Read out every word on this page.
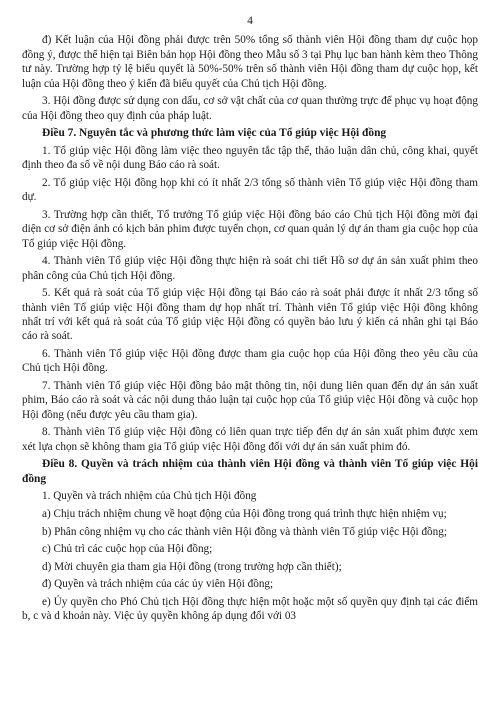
4

đ) Kết luận của Hội đồng phải được trên 50% tổng số thành viên Hội đồng tham dự cuộc họp đồng ý, được thể hiện tại Biên bản họp Hội đồng theo Mẫu số 3 tại Phụ lục ban hành kèm theo Thông tư này. Trường hợp tỷ lệ biểu quyết là 50%-50% trên số thành viên Hội đồng tham dự cuộc họp, kết luận của Hội đồng theo ý kiến đã biểu quyết của Chủ tịch Hội đồng.

3. Hội đồng được sử dụng con dấu, cơ sở vật chất của cơ quan thường trực để phục vụ hoạt động của Hội đồng theo quy định của pháp luật.

Điều 7. Nguyên tắc và phương thức làm việc của Tổ giúp việc Hội đồng

1. Tổ giúp việc Hội đồng làm việc theo nguyên tắc tập thể, thảo luận dân chủ, công khai, quyết định theo đa số về nội dung Báo cáo rà soát.

2. Tổ giúp việc Hội đồng họp khi có ít nhất 2/3 tổng số thành viên Tổ giúp việc Hội đồng tham dự.

3. Trường hợp cần thiết, Tổ trưởng Tổ giúp việc Hội đồng báo cáo Chủ tịch Hội đồng mời đại diện cơ sở điện ảnh có kịch bản phim được tuyển chọn, cơ quan quản lý dự án tham gia cuộc họp của Tổ giúp việc Hội đồng.

4. Thành viên Tổ giúp việc Hội đồng thực hiện rà soát chi tiết Hồ sơ dự án sản xuất phim theo phân công của Chủ tịch Hội đồng.

5. Kết quả rà soát của Tổ giúp việc Hội đồng tại Báo cáo rà soát phải được ít nhất 2/3 tổng số thành viên Tổ giúp việc Hội đồng tham dự họp nhất trí. Thành viên Tổ giúp việc Hội đồng không nhất trí với kết quả rà soát của Tổ giúp việc Hội đồng có quyền bảo lưu ý kiến cá nhân ghi tại Báo cáo rà soát.

6. Thành viên Tổ giúp việc Hội đồng được tham gia cuộc họp của Hội đồng theo yêu cầu của Chủ tịch Hội đồng.

7. Thành viên Tổ giúp việc Hội đồng bảo mật thông tin, nội dung liên quan đến dự án sản xuất phim, Báo cáo rà soát và các nội dung thảo luận tại cuộc họp của Tổ giúp việc Hội đồng và cuộc họp Hội đồng (nếu được yêu cầu tham gia).

8. Thành viên Tổ giúp việc Hội đồng có liên quan trực tiếp đến dự án sản xuất phim được xem xét lựa chọn sẽ không tham gia Tổ giúp việc Hội đồng đối với dự án sản xuất phim đó.

Điều 8. Quyền và trách nhiệm của thành viên Hội đồng và thành viên Tổ giúp việc Hội đồng

1. Quyền và trách nhiệm của Chủ tịch Hội đồng

a) Chịu trách nhiệm chung về hoạt động của Hội đồng trong quá trình thực hiện nhiệm vụ;

b) Phân công nhiệm vụ cho các thành viên Hội đồng và thành viên Tổ giúp việc Hội đồng;

c) Chủ trì các cuộc họp của Hội đồng;

d) Mời chuyên gia tham gia Hội đồng (trong trường hợp cần thiết);

đ) Quyền và trách nhiệm của các ủy viên Hội đồng;

e) Ủy quyền cho Phó Chủ tịch Hội đồng thực hiện một hoặc một số quyền quy định tại các điểm b, c và d khoản này. Việc ủy quyền không áp dụng đối với 03
